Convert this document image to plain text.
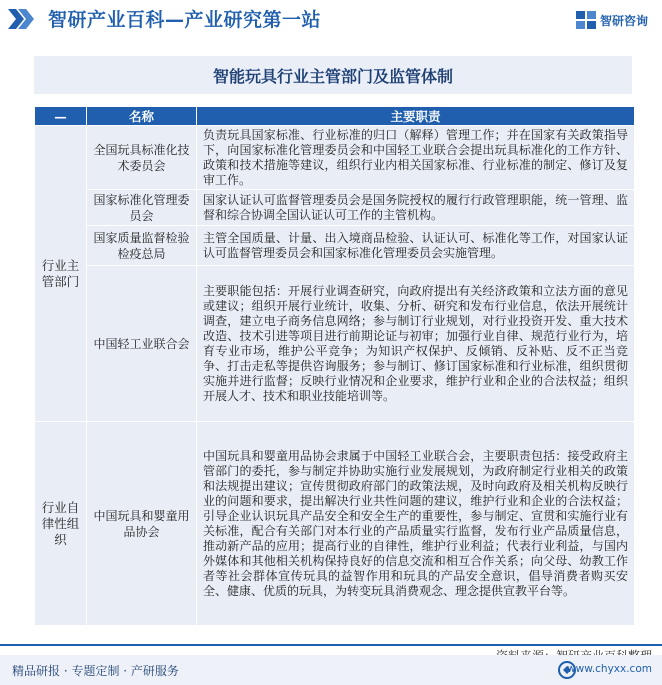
智研产业百科—产业研究第一站	智研咨询
智能玩具行业主管部门及监管体制
—	名称	主要职责
行业主管部门	全国玩具标准化技术委员会	负责玩具国家标准、行业标准的归口（解释）管理工作；并在国家有关政策指导下，向国家标准化管理委员会和中国轻工业联合会提出玩具标准化的工作方针、政策和技术措施等建议，组织行业内相关国家标准、行业标准的制定、修订及复审工作。
	国家标准化管理委员会	国家认证认可监督管理委员会是国务院授权的履行行政管理职能，统一管理、监督和综合协调全国认证认可工作的主管机构。
	国家质量监督检验检疫总局	主管全国质量、计量、出入境商品检验、认证认可、标准化等工作，对国家认证认可监督管理委员会和国家标准化管理委员会实施管理。
	中国轻工业联合会	主要职能包括：开展行业调查研究，向政府提出有关经济政策和立法方面的意见或建议；组织开展行业统计，收集、分析、研究和发布行业信息，依法开展统计调查，建立电子商务信息网络；参与制订行业规划，对行业投资开发、重大技术改造、技术引进等项目进行前期论证与初审；加强行业自律、规范行业行为，培育专业市场，维护公平竞争；为知识产权保护、反倾销、反补贴、反不正当竞争、打击走私等提供咨询服务；参与制订、修订国家标准和行业标准，组织贯彻实施并进行监督；反映行业情况和企业要求，维护行业和企业的合法权益；组织开展人才、技术和职业技能培训等。
行业自律性组织	中国玩具和婴童用品协会	中国玩具和婴童用品协会隶属于中国轻工业联合会，主要职责包括：接受政府主管部门的委托，参与制定并协助实施行业发展规划，为政府制定行业相关的政策和法规提出建议；宣传贯彻政府部门的政策法规，及时向政府及相关机构反映行业的问题和要求，提出解决行业共性问题的建议，维护行业和企业的合法权益；引导企业认识玩具产品安全和安全生产的重要性，参与制定、宣贯和实施行业有关标准，配合有关部门对本行业的产品质量实行监督，发布行业产品质量信息，推动新产品的应用；提高行业的自律性，维护行业利益；代表行业利益，与国内外媒体和其他相关机构保持良好的信息交流和相互合作关系；向父母、幼教工作者等社会群体宣传玩具的益智作用和玩具的产品安全意识，倡导消费者购买安全、健康、优质的玩具，为转变玩具消费观念、理念提供宣教平台等。
精品研报 · 专题定制 · 产研服务	www.chyxx.com
